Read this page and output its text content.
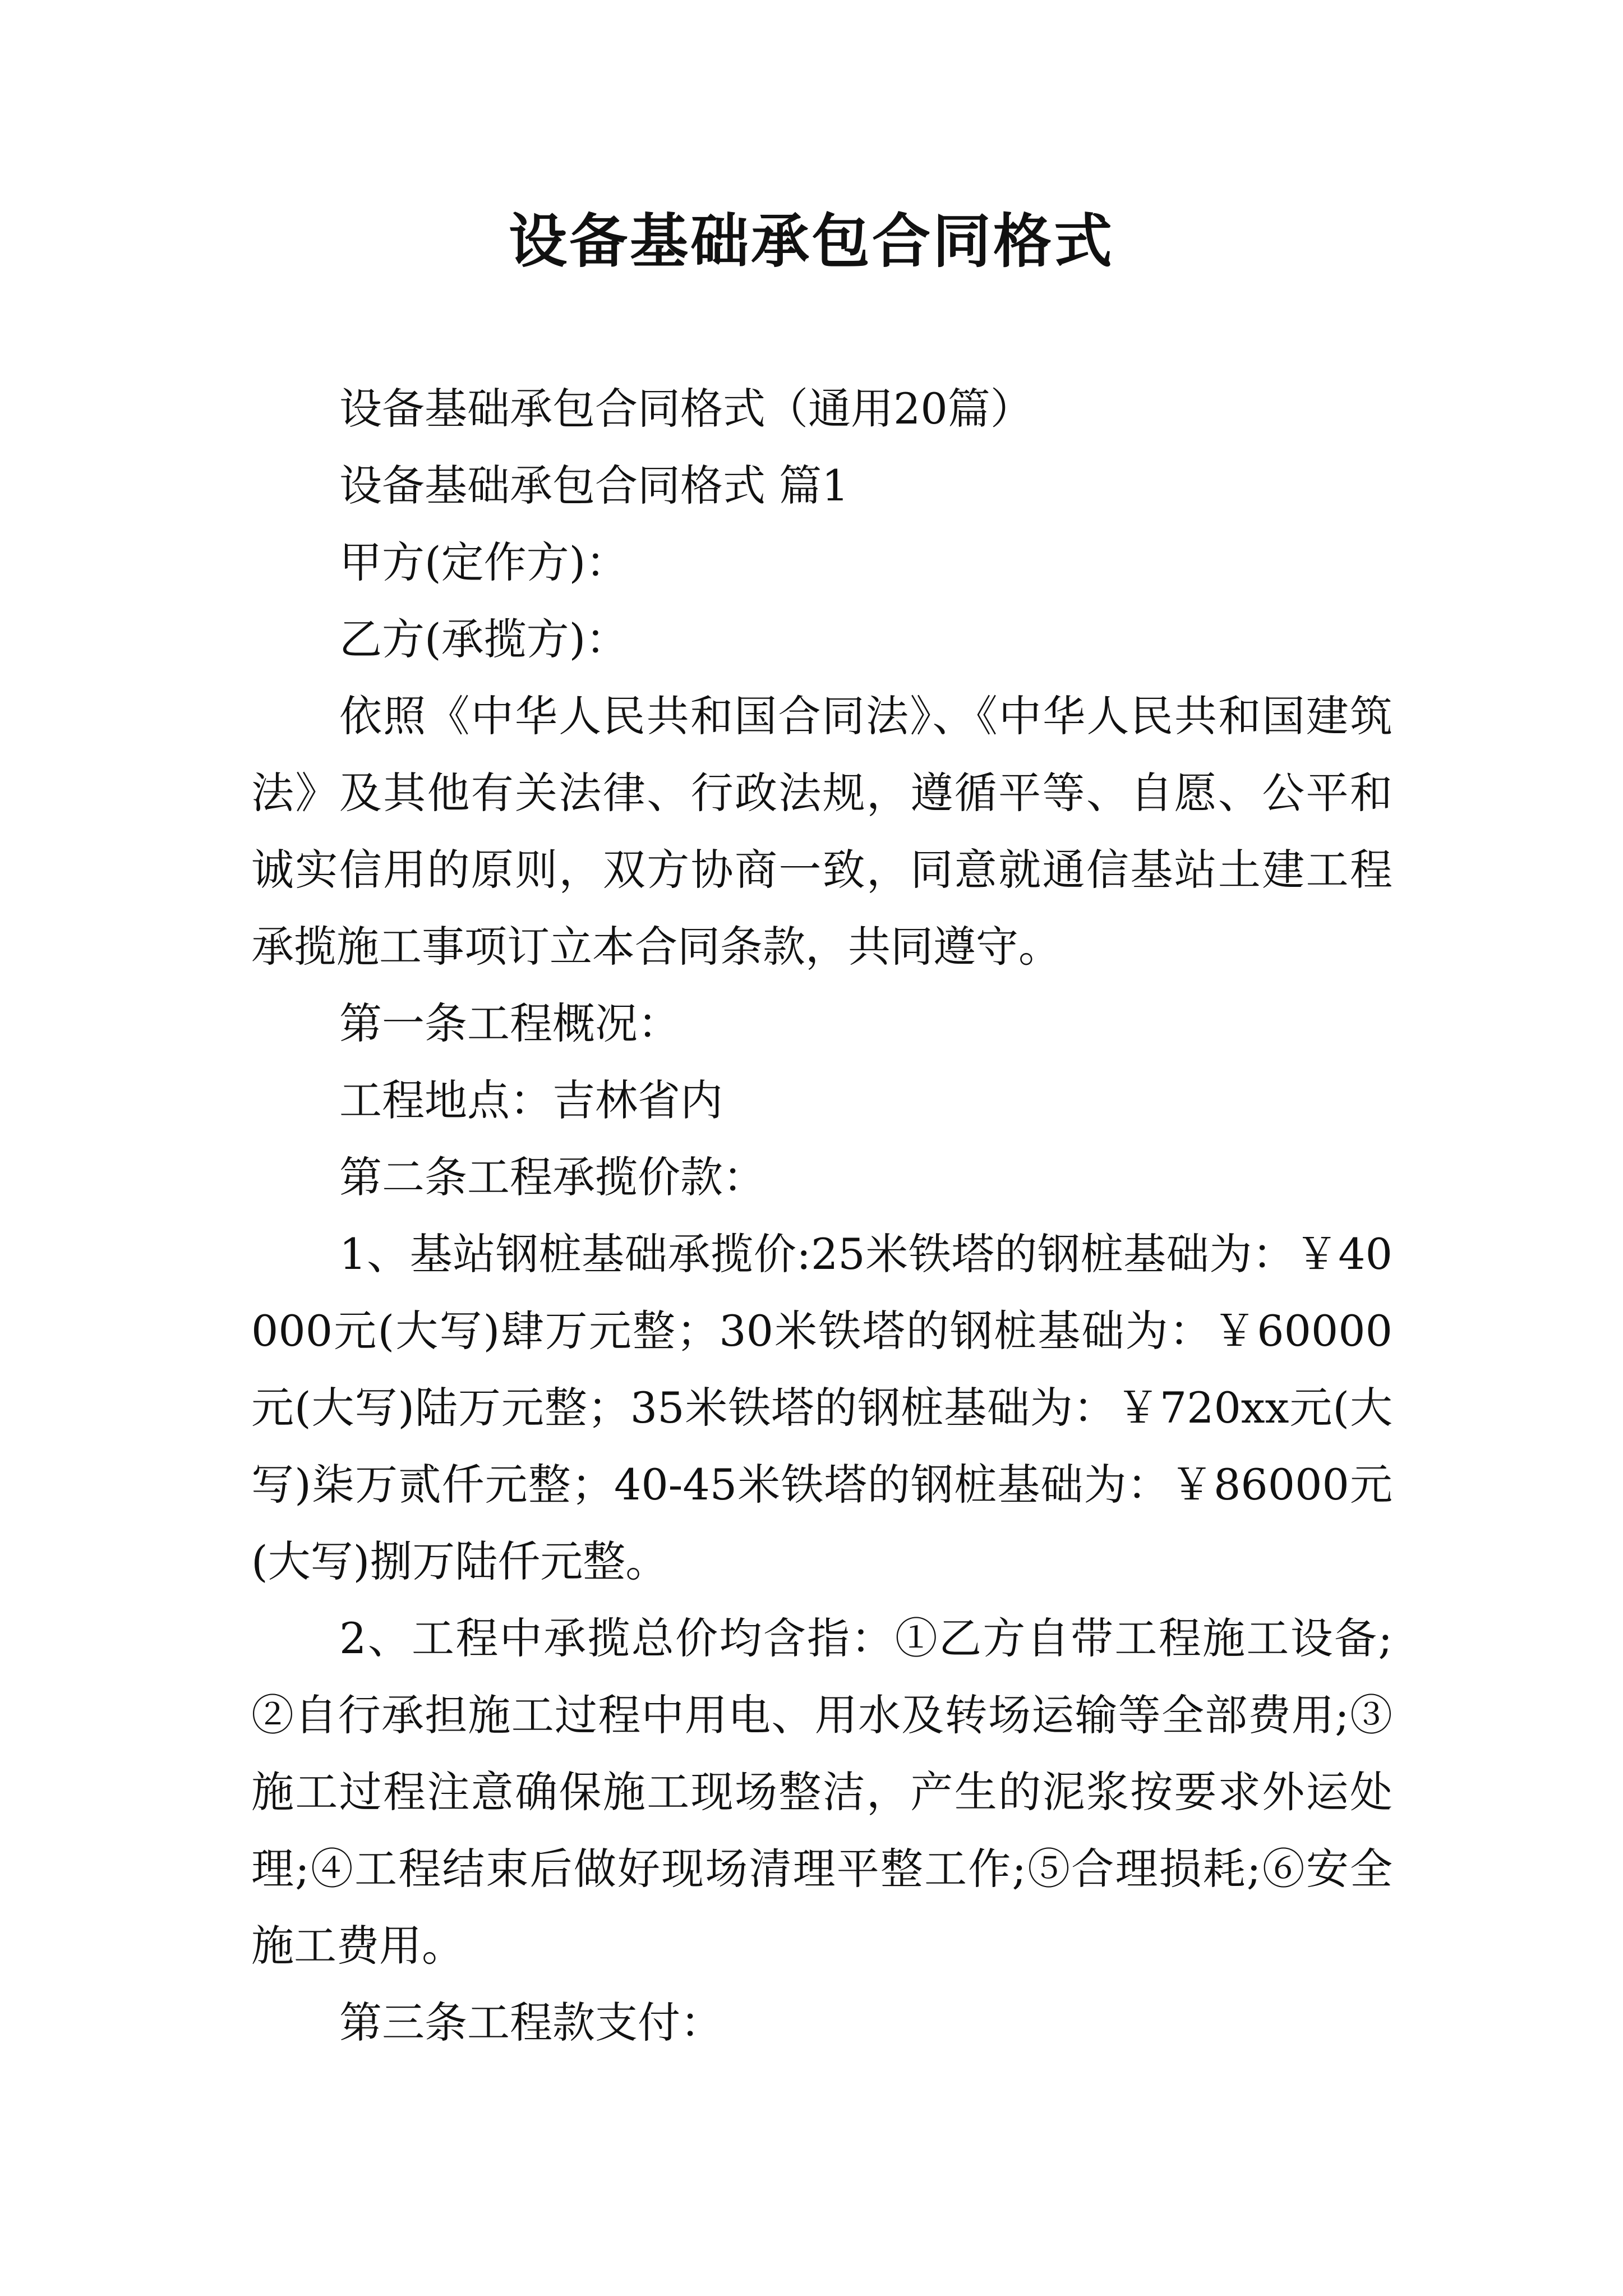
设备基础承包合同格式

设备基础承包合同格式（通用20篇）

设备基础承包合同格式 篇1

甲方(定作方)：

乙方(承揽方)：

依照《中华人民共和国合同法》、《中华人民共和国建筑法》及其他有关法律、行政法规，遵循平等、自愿、公平和诚实信用的原则，双方协商一致，同意就通信基站土建工程承揽施工事项订立本合同条款，共同遵守。

第一条工程概况：

工程地点：吉林省内

第二条工程承揽价款：

1、基站钢桩基础承揽价:25米铁塔的钢桩基础为：￥40000元(大写)肆万元整；30米铁塔的钢桩基础为：￥60000元(大写)陆万元整；35米铁塔的钢桩基础为：￥720xx元(大写)柒万贰仟元整；40-45米铁塔的钢桩基础为：￥86000元(大写)捌万陆仟元整。

2、工程中承揽总价均含指：①乙方自带工程施工设备;②自行承担施工过程中用电、用水及转场运输等全部费用;③施工过程注意确保施工现场整洁，产生的泥浆按要求外运处理;④工程结束后做好现场清理平整工作;⑤合理损耗;⑥安全施工费用。

第三条工程款支付：
